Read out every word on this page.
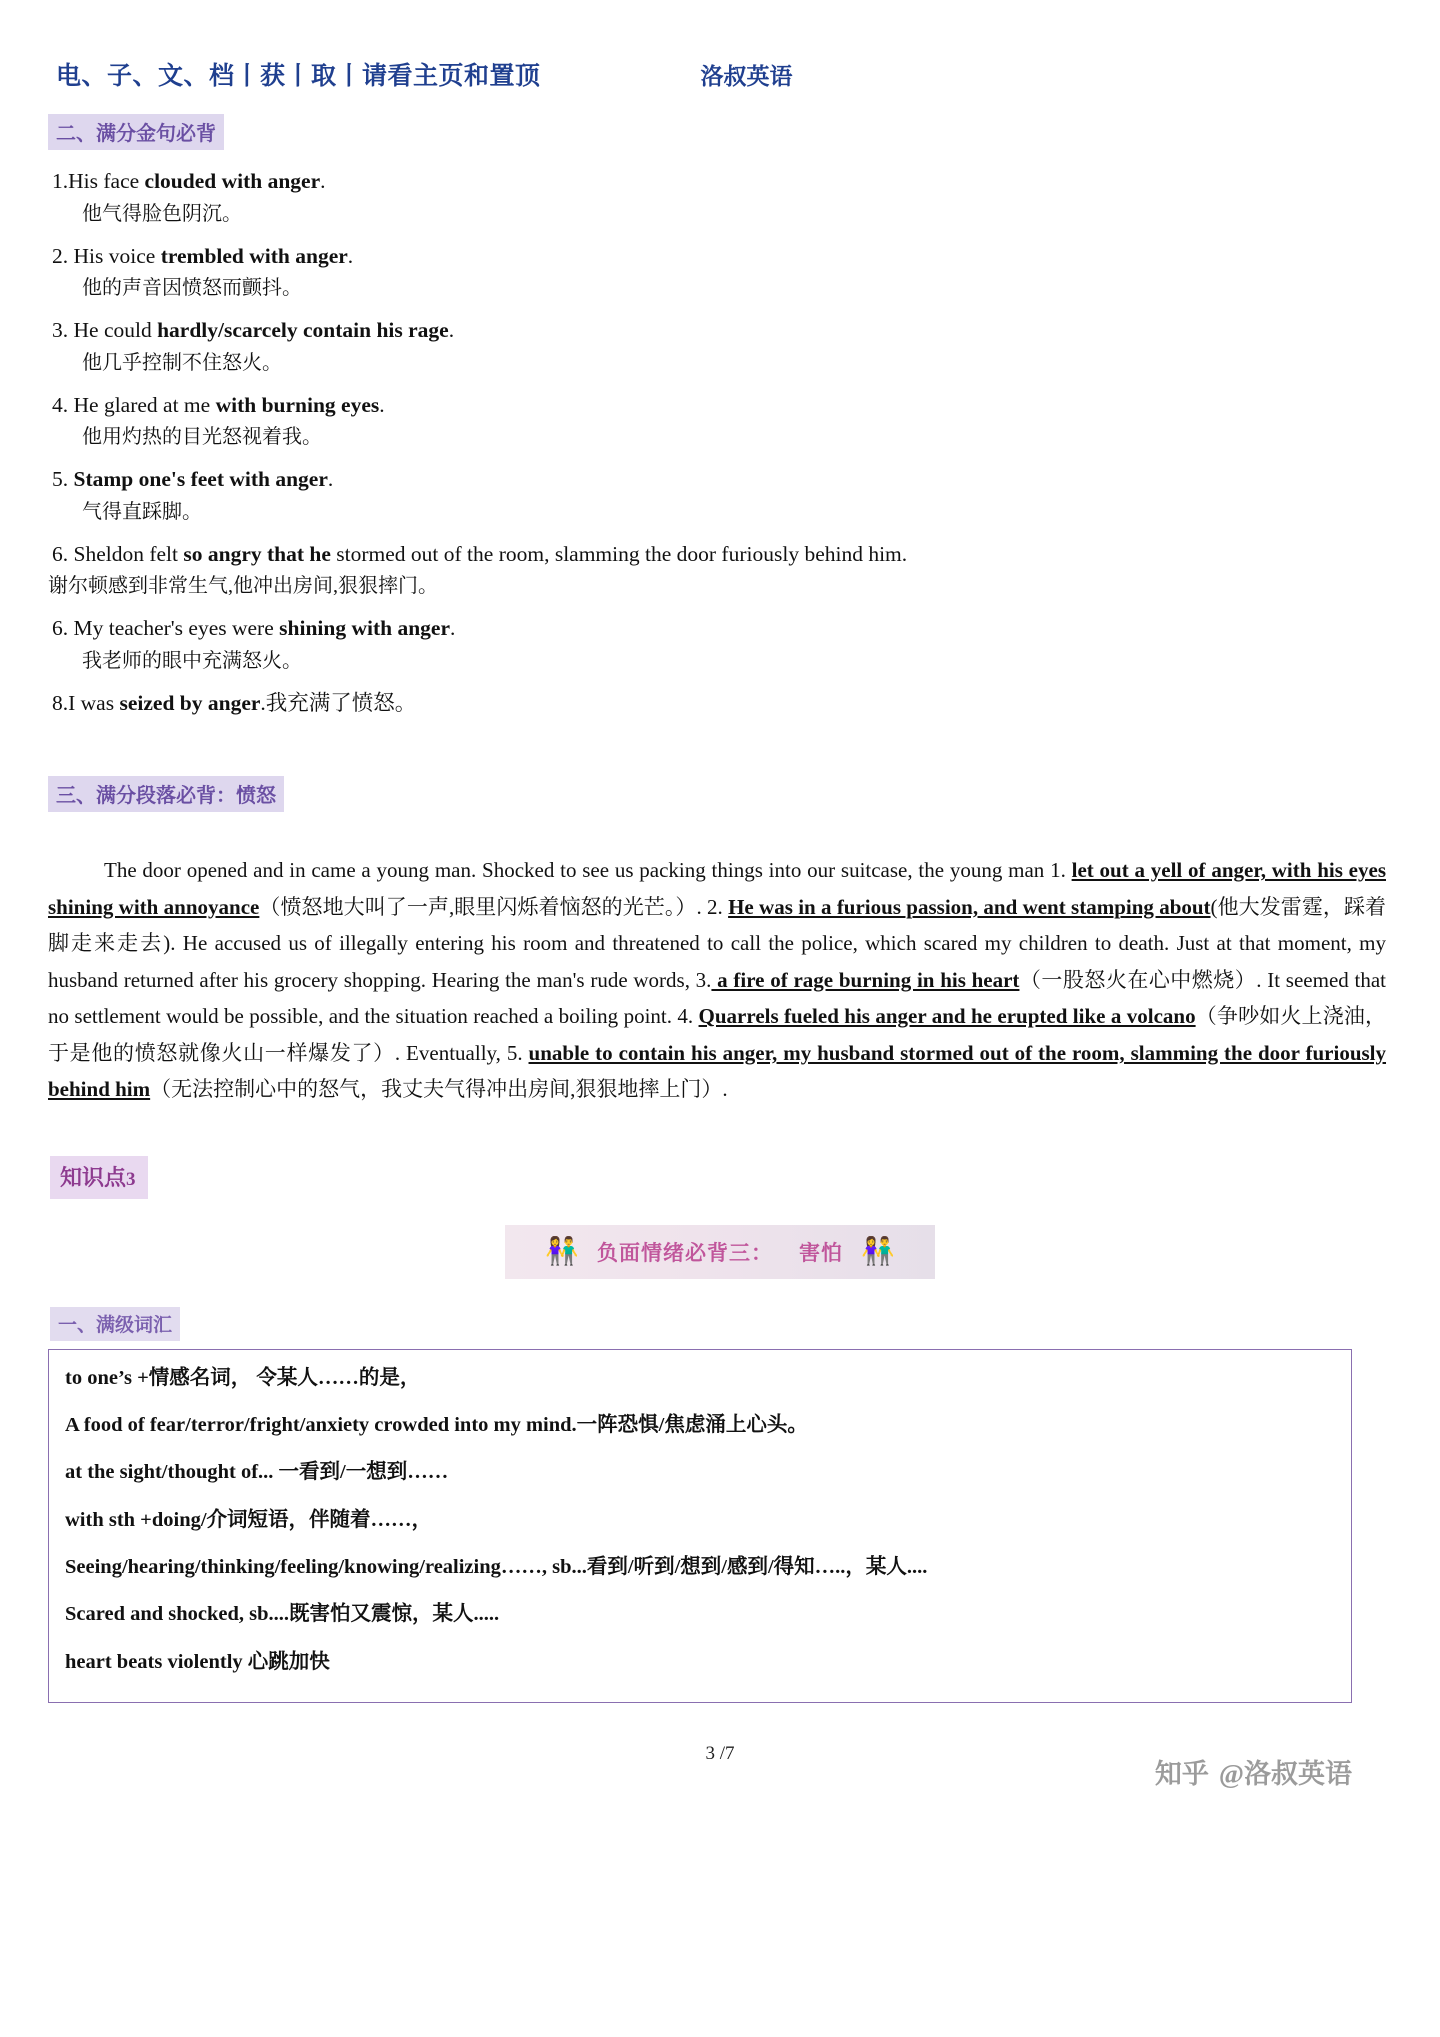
电、子、文、档丨获丨取丨请看主页和置顶	洛叔英语
二、满分金句必背
1.His face clouded with anger.
他气得脸色阴沉。
2. His voice trembled with anger.
他的声音因愤怒而颤抖。
3. He could hardly/scarcely contain his rage.
他几乎控制不住怒火。
4. He glared at me with burning eyes.
他用灼热的目光怒视着我。
5. Stamp one's feet with anger.
气得直踩脚。
6. Sheldon felt so angry that he stormed out of the room, slamming the door furiously behind him.
谢尔顿感到非常生气,他冲出房间,狠狠摔门。
6. My teacher's eyes were shining with anger.
我老师的眼中充满怒火。
8.I was seized by anger.我充满了愤怒。
三、满分段落必背：愤怒
The door opened and in came a young man. Shocked to see us packing things into our suitcase, the young man 1. let out a yell of anger, with his eyes shining with annoyance（愤怒地大叫了一声,眼里闪烁着恼怒的光芒。）. 2. He was in a furious passion, and went stamping about(他大发雷霆，踩着脚走来走去). He accused us of illegally entering his room and threatened to call the police, which scared my children to death. Just at that moment, my husband returned after his grocery shopping. Hearing the man's rude words, 3. a fire of rage burning in his heart（一股怒火在心中燃烧）. It seemed that no settlement would be possible, and the situation reached a boiling point. 4. Quarrels fueled his anger and he erupted like a volcano（争吵如火上浇油，于是他的愤怒就像火山一样爆发了）. Eventually, 5. unable to contain his anger, my husband stormed out of the room, slamming the door furiously behind him（无法控制心中的怒气，我丈夫气得冲出房间,狠狠地摔上门）.
知识点3
👫 负面情绪必背三： 害怕 👫
一、满级词汇
to one’s +情感名词， 令某人……的是，
A food of fear/terror/fright/anxiety crowded into my mind.一阵恐惧/焦虑涌上心头。
at the sight/thought of... 一看到/一想到……
with sth +doing/介词短语，伴随着……，
Seeing/hearing/thinking/feeling/knowing/realizing……, sb...看到/听到/想到/感到/得知…..，某人....
Scared and shocked, sb....既害怕又震惊，某人.....
heart beats violently 心跳加快
3 /7
知乎 @洛叔英语
